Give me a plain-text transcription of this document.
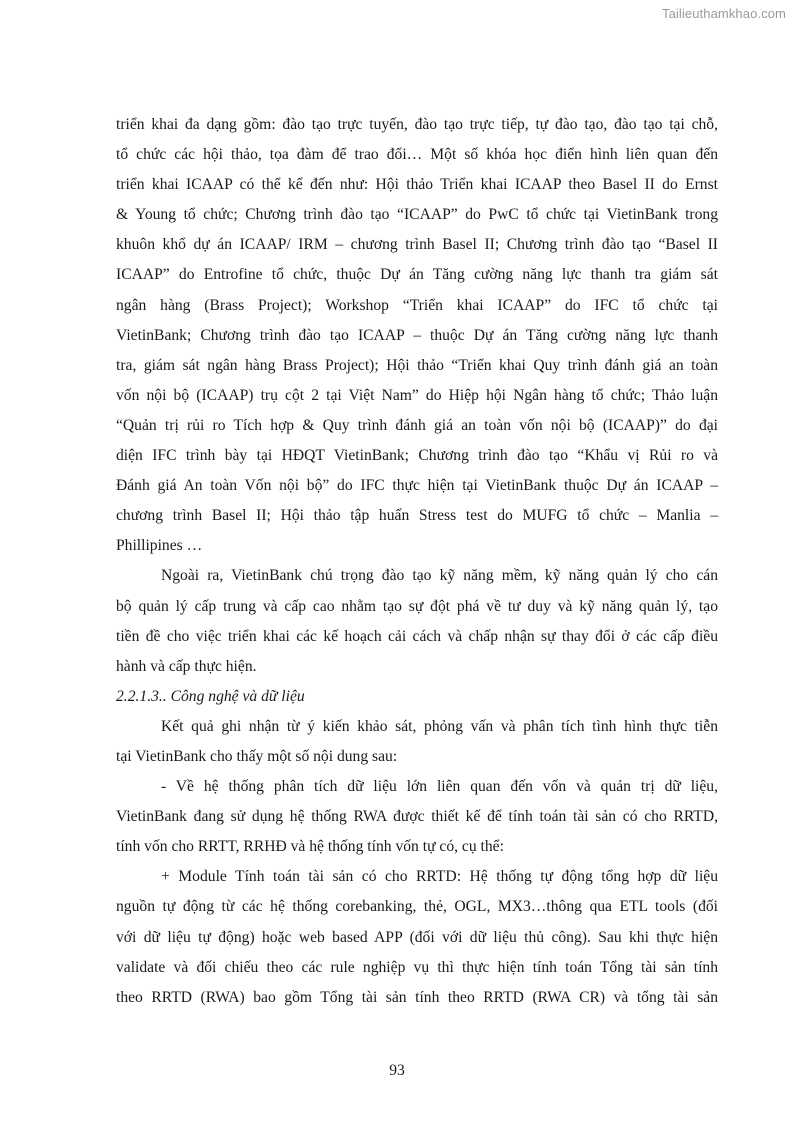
Tailieuthamkhao.com
triển khai đa dạng gồm: đào tạo trực tuyến, đào tạo trực tiếp, tự đào tạo, đào tạo tại chỗ,
tổ chức các hội thảo, tọa đàm để trao đổi… Một số khóa học điển hình liên quan đến
triển khai ICAAP có thể kể đến như: Hội thảo Triển khai ICAAP theo Basel II do Ernst
& Young tổ chức; Chương trình đào tạo “ICAAP” do PwC tổ chức tại VietinBank trong
khuôn khổ dự án ICAAP/ IRM – chương trình Basel II; Chương trình đào tạo “Basel II
ICAAP” do Entrofine tổ chức, thuộc Dự án Tăng cường năng lực thanh tra giám sát
ngân hàng (Brass Project); Workshop “Triển khai ICAAP” do IFC tổ chức tại
VietinBank; Chương trình đào tạo ICAAP – thuộc Dự án Tăng cường năng lực thanh
tra, giám sát ngân hàng Brass Project); Hội thảo “Triển khai Quy trình đánh giá an toàn
vốn nội bộ (ICAAP) trụ cột 2 tại Việt Nam” do Hiệp hội Ngân hàng tổ chức; Thảo luận
“Quản trị rủi ro Tích hợp & Quy trình đánh giá an toàn vốn nội bộ (ICAAP)” do đại
diện IFC trình bày tại HĐQT VietinBank; Chương trình đào tạo “Khẩu vị Rủi ro và
Đánh giá An toàn Vốn nội bộ” do IFC thực hiện tại VietinBank thuộc Dự án ICAAP –
chương trình Basel II; Hội thảo tập huấn Stress test do MUFG tổ chức – Manlia –
Phillipines …
Ngoài ra, VietinBank chú trọng đào tạo kỹ năng mềm, kỹ năng quản lý cho cán
bộ quản lý cấp trung và cấp cao nhằm tạo sự đột phá về tư duy và kỹ năng quản lý, tạo
tiền đề cho việc triển khai các kế hoạch cải cách và chấp nhận sự thay đổi ở các cấp điều
hành và cấp thực hiện.
2.2.1.3.. Công nghệ và dữ liệu
Kết quả ghi nhận từ ý kiến khảo sát, phỏng vấn và phân tích tình hình thực tiễn
tại VietinBank cho thấy một số nội dung sau:
- Về hệ thống phân tích dữ liệu lớn liên quan đến vốn và quản trị dữ liệu,
VietinBank đang sử dụng hệ thống RWA được thiết kế để tính toán tài sản có cho RRTD,
tính vốn cho RRTT, RRHĐ và hệ thống tính vốn tự có, cụ thể:
+ Module Tính toán tài sản có cho RRTD: Hệ thống tự động tổng hợp dữ liệu
nguồn tự động từ các hệ thống corebanking, thẻ, OGL, MX3…thông qua ETL tools (đối
với dữ liệu tự động) hoặc web based APP (đối với dữ liệu thủ công). Sau khi thực hiện
validate và đối chiếu theo các rule nghiệp vụ thì thực hiện tính toán Tổng tài sản tính
theo RRTD (RWA) bao gồm Tổng tài sản tính theo RRTD (RWA CR) và tổng tài sản
93
